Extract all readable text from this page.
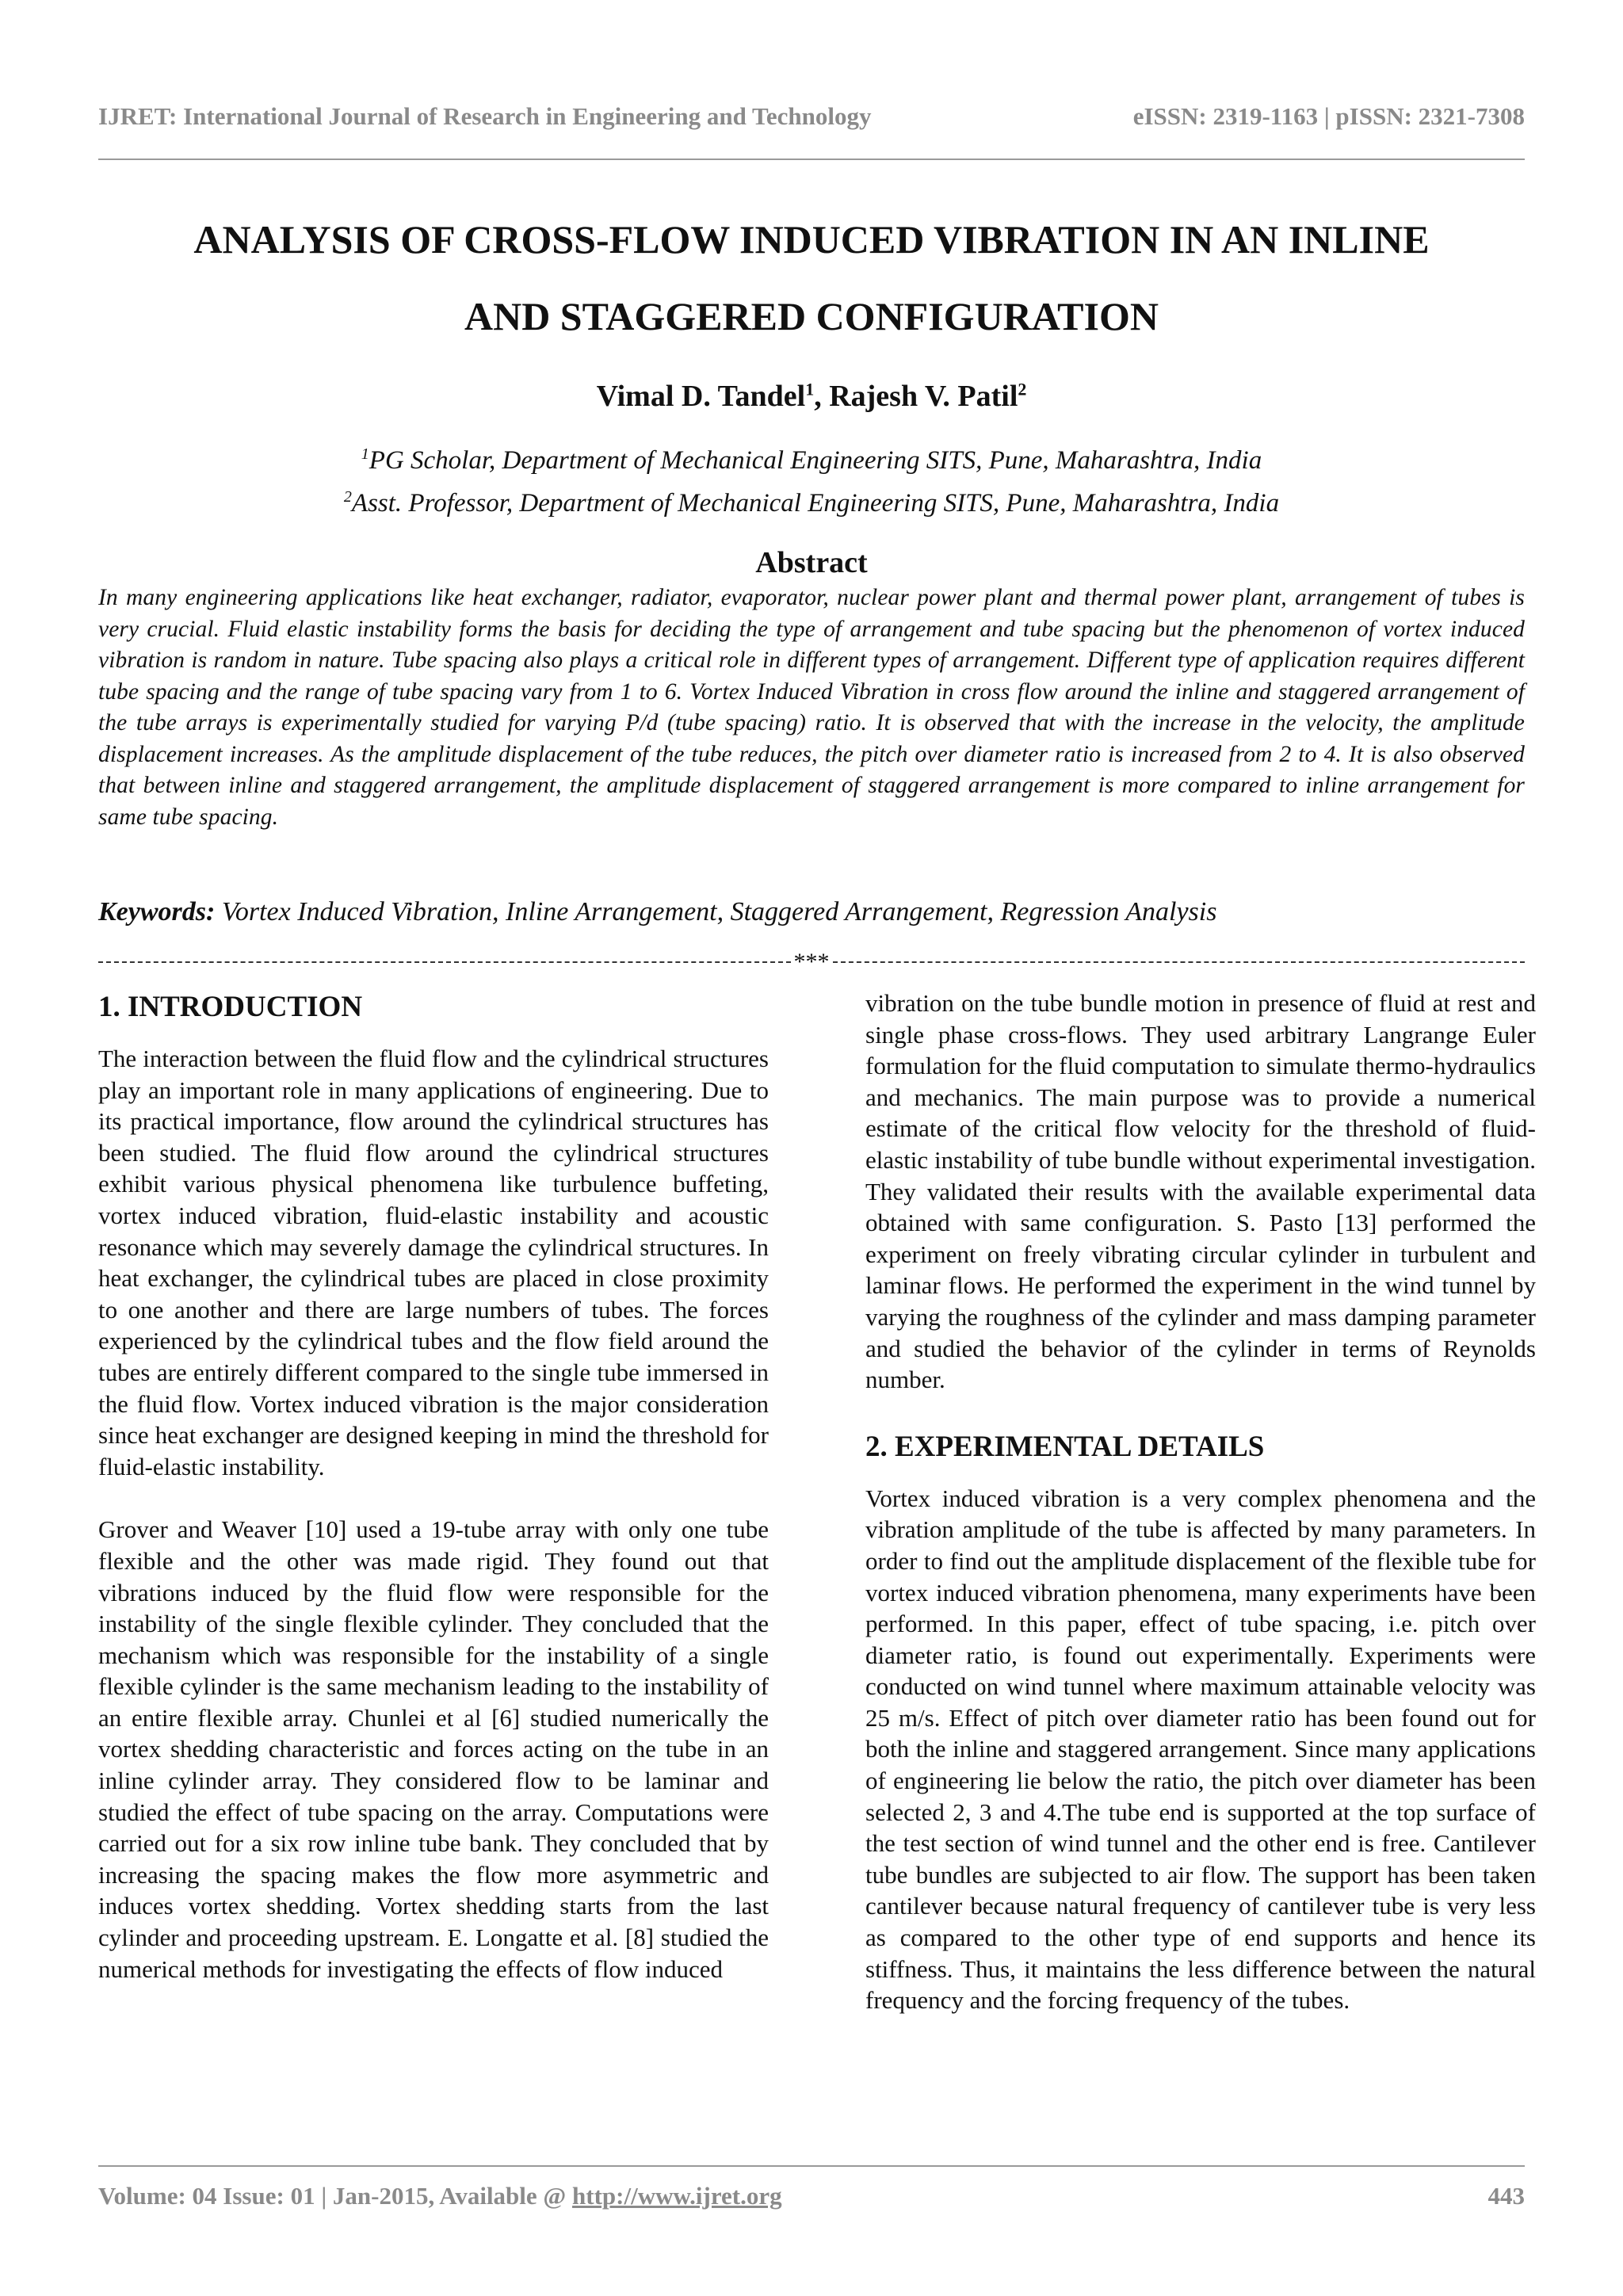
IJRET: International Journal of Research in Engineering and Technology	eISSN: 2319-1163 | pISSN: 2321-7308
ANALYSIS OF CROSS-FLOW INDUCED VIBRATION IN AN INLINE
AND STAGGERED CONFIGURATION
Vimal D. Tandel$^1$, Rajesh V. Patil$^2$
$^1$PG Scholar, Department of Mechanical Engineering SITS, Pune, Maharashtra, India
$^2$Asst. Professor, Department of Mechanical Engineering SITS, Pune, Maharashtra, India
Abstract

In many engineering applications like heat exchanger, radiator, evaporator, nuclear power plant and thermal power plant, arrangement of tubes is very crucial. Fluid elastic instability forms the basis for deciding the type of arrangement and tube spacing but the phenomenon of vortex induced vibration is random in nature. Tube spacing also plays a critical role in different types of arrangement. Different type of application requires different tube spacing and the range of tube spacing vary from 1 to 6. Vortex Induced Vibration in cross flow around the inline and staggered arrangement of the tube arrays is experimentally studied for varying P/d (tube spacing) ratio. It is observed that with the increase in the velocity, the amplitude displacement increases. As the amplitude displacement of the tube reduces, the pitch over diameter ratio is increased from 2 to 4. It is also observed that between inline and staggered arrangement, the amplitude displacement of staggered arrangement is more compared to inline arrangement for same tube spacing.

Keywords: Vortex Induced Vibration, Inline Arrangement, Staggered Arrangement, Regression Analysis

***
1. INTRODUCTION

The interaction between the fluid flow and the cylindrical structures play an important role in many applications of engineering. Due to its practical importance, flow around the cylindrical structures has been studied. The fluid flow around the cylindrical structures exhibit various physical phenomena like turbulence buffeting, vortex induced vibration, fluid-elastic instability and acoustic resonance which may severely damage the cylindrical structures. In heat exchanger, the cylindrical tubes are placed in close proximity to one another and there are large numbers of tubes. The forces experienced by the cylindrical tubes and the flow field around the tubes are entirely different compared to the single tube immersed in the fluid flow. Vortex induced vibration is the major consideration since heat exchanger are designed keeping in mind the threshold for fluid-elastic instability.

Grover and Weaver [10] used a 19-tube array with only one tube flexible and the other was made rigid. They found out that vibrations induced by the fluid flow were responsible for the instability of the single flexible cylinder. They concluded that the mechanism which was responsible for the instability of a single flexible cylinder is the same mechanism leading to the instability of an entire flexible array. Chunlei et al [6] studied numerically the vortex shedding characteristic and forces acting on the tube in an inline cylinder array. They considered flow to be laminar and studied the effect of tube spacing on the array. Computations were carried out for a six row inline tube bank. They concluded that by increasing the spacing makes the flow more asymmetric and induces vortex shedding. Vortex shedding starts from the last cylinder and proceeding upstream. E. Longatte et al. [8] studied the numerical methods for investigating the effects of flow induced

vibration on the tube bundle motion in presence of fluid at rest and single phase cross-flows. They used arbitrary Langrange Euler formulation for the fluid computation to simulate thermo-hydraulics and mechanics. The main purpose was to provide a numerical estimate of the critical flow velocity for the threshold of fluid-elastic instability of tube bundle without experimental investigation. They validated their results with the available experimental data obtained with same configuration. S. Pasto [13] performed the experiment on freely vibrating circular cylinder in turbulent and laminar flows. He performed the experiment in the wind tunnel by varying the roughness of the cylinder and mass damping parameter and studied the behavior of the cylinder in terms of Reynolds number.

2. EXPERIMENTAL DETAILS

Vortex induced vibration is a very complex phenomena and the vibration amplitude of the tube is affected by many parameters. In order to find out the amplitude displacement of the flexible tube for vortex induced vibration phenomena, many experiments have been performed. In this paper, effect of tube spacing, i.e. pitch over diameter ratio, is found out experimentally. Experiments were conducted on wind tunnel where maximum attainable velocity was 25 m/s. Effect of pitch over diameter ratio has been found out for both the inline and staggered arrangement. Since many applications of engineering lie below the ratio, the pitch over diameter has been selected 2, 3 and 4.The tube end is supported at the top surface of the test section of wind tunnel and the other end is free. Cantilever tube bundles are subjected to air flow. The support has been taken cantilever because natural frequency of cantilever tube is very less as compared to the other type of end supports and hence its stiffness. Thus, it maintains the less difference between the natural frequency and the forcing frequency of the tubes.

Volume: 04 Issue: 01 | Jan-2015, Available @ http://www.ijret.org	443
